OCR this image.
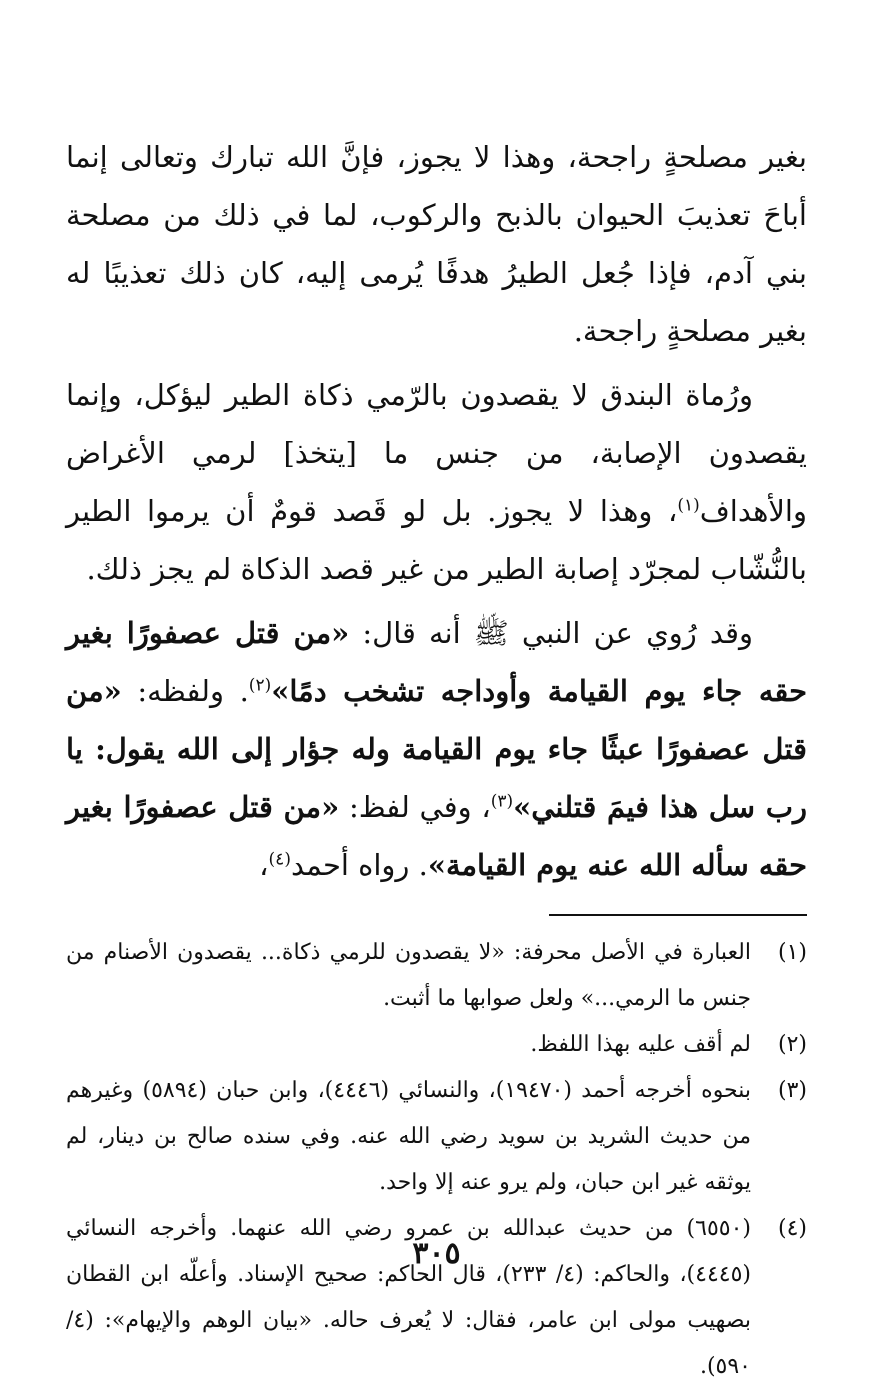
بغير مصلحةٍ راجحة، وهذا لا يجوز، فإنَّ الله تبارك وتعالى إنما أباحَ تعذيبَ الحيوان بالذبح والركوب، لما في ذلك من مصلحة بني آدم، فإذا جُعل الطيرُ هدفًا يُرمى إليه، كان ذلك تعذيبًا له بغير مصلحةٍ راجحة.

ورُماة البندق لا يقصدون بالرّمي ذكاة الطير ليؤكل، وإنما يقصدون الإصابة، من جنس ما [يتخذ] لرمي الأغراض والأهداف$^{(١)}$، وهذا لا يجوز. بل لو قَصد قومٌ أن يرموا الطير بالنُّشّاب لمجرّد إصابة الطير من غير قصد الذكاة لم يجز ذلك.

وقد رُوي عن النبي ﷺ أنه قال: «من قتل عصفورًا بغير حقه جاء يوم القيامة وأوداجه تشخب دمًا»$^{(٢)}$. ولفظه: «من قتل عصفورًا عبثًا جاء يوم القيامة وله جؤار إلى الله يقول: يا رب سل هذا فيمَ قتلني»$^{(٣)}$، وفي لفظ: «من قتل عصفورًا بغير حقه سأله الله عنه يوم القيامة». رواه أحمد$^{(٤)}$،

(١)
العبارة في الأصل محرفة: «لا يقصدون للرمي ذكاة... يقصدون الأصنام من جنس ما الرمي...» ولعل صوابها ما أثبت.
(٢)
لم أقف عليه بهذا اللفظ.
(٣)
بنحوه أخرجه أحمد (١٩٤٧٠)، والنسائي (٤٤٤٦)، وابن حبان (٥٨٩٤) وغيرهم من حديث الشريد بن سويد رضي الله عنه. وفي سنده صالح بن دينار، لم يوثقه غير ابن حبان، ولم يرو عنه إلا واحد.
(٤)
(٦٥٥٠) من حديث عبدالله بن عمرو رضي الله عنهما. وأخرجه النسائي (٤٤٤٥)، والحاكم: (٤/ ٢٣٣)، قال الحاكم: صحيح الإسناد. وأعلّه ابن القطان بصهيب مولى ابن عامر، فقال: لا يُعرف حاله. «بيان الوهم والإيهام»: (٤/ ٥٩٠).
٣٠٥
